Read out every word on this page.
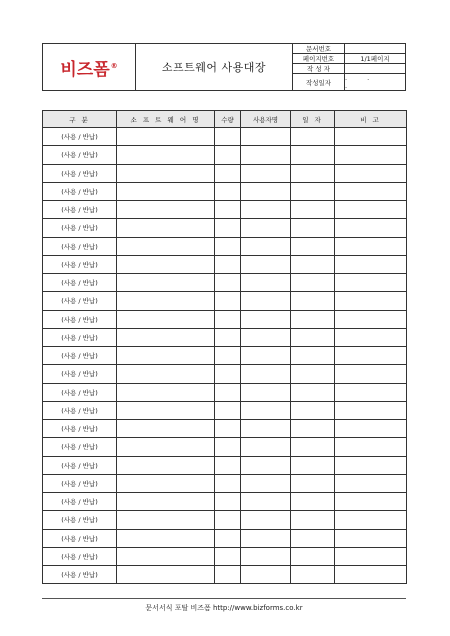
비즈폼®	소프트웨어 사용대장
문서번호
페이지번호	1/1페이지
작 성 자
작성일자
. . .
구 분	소 프 트 웨 어 명	수량	사용자명	일 자	비 고
(사용 / 반납)					
(사용 / 반납)					
(사용 / 반납)					
(사용 / 반납)					
(사용 / 반납)					
(사용 / 반납)					
(사용 / 반납)					
(사용 / 반납)					
(사용 / 반납)					
(사용 / 반납)					
(사용 / 반납)					
(사용 / 반납)					
(사용 / 반납)					
(사용 / 반납)					
(사용 / 반납)					
(사용 / 반납)					
(사용 / 반납)					
(사용 / 반납)					
(사용 / 반납)					
(사용 / 반납)					
(사용 / 반납)					
(사용 / 반납)					
(사용 / 반납)					
(사용 / 반납)					
(사용 / 반납)					
문서서식 포탈 비즈폼 http://www.bizforms.co.kr
